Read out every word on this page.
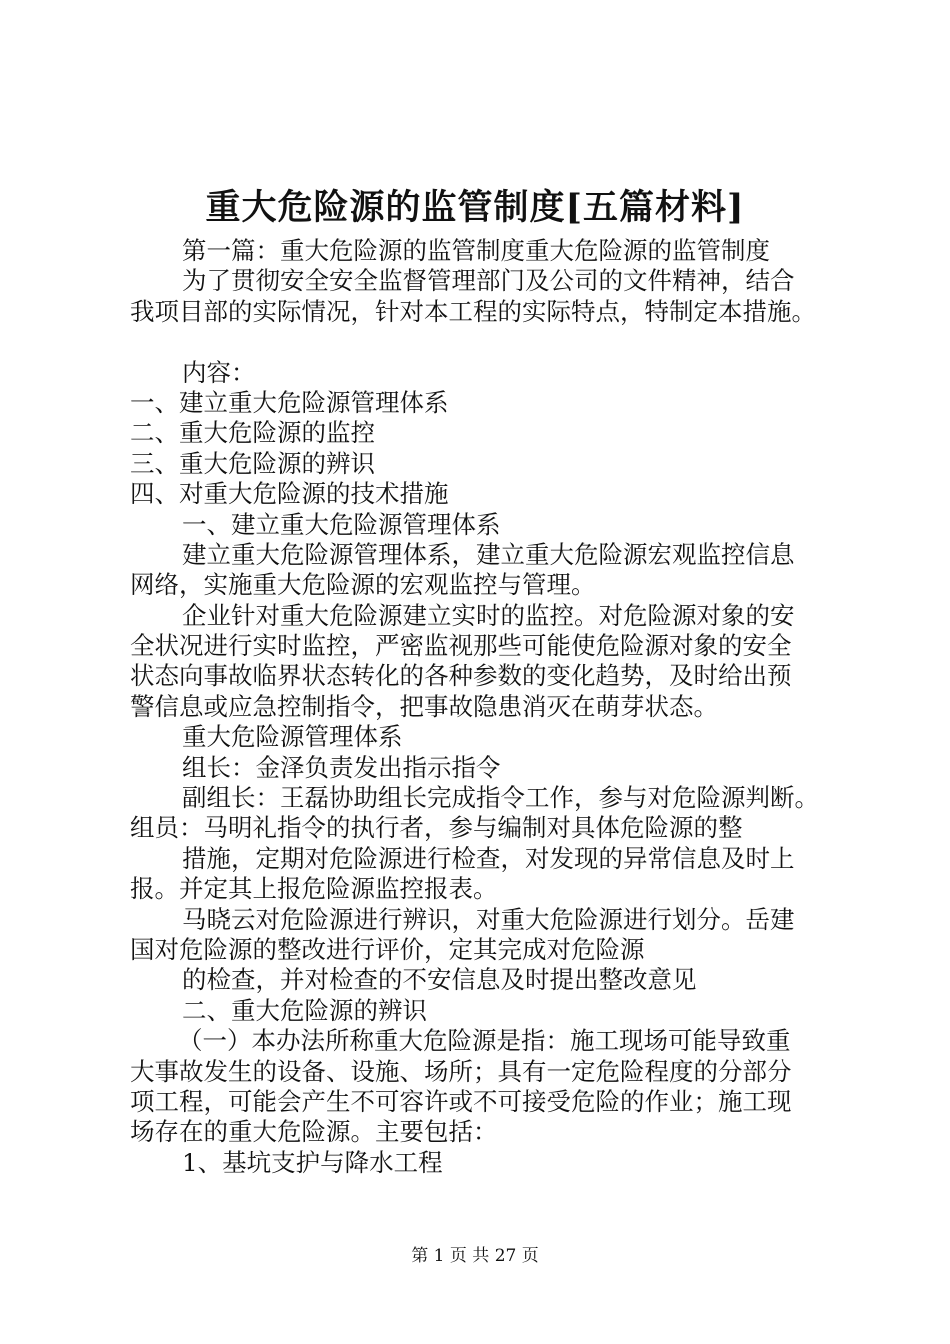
重大危险源的监管制度[五篇材料]
第一篇：重大危险源的监管制度重大危险源的监管制度
为了贯彻安全安全监督管理部门及公司的文件精神，结合
我项目部的实际情况，针对本工程的实际特点，特制定本措施。
内容：
一、建立重大危险源管理体系
二、重大危险源的监控
三、重大危险源的辨识
四、对重大危险源的技术措施
一、建立重大危险源管理体系
建立重大危险源管理体系，建立重大危险源宏观监控信息
网络，实施重大危险源的宏观监控与管理。
企业针对重大危险源建立实时的监控。对危险源对象的安
全状况进行实时监控，严密监视那些可能使危险源对象的安全
状态向事故临界状态转化的各种参数的变化趋势，及时给出预
警信息或应急控制指令，把事故隐患消灭在萌芽状态。
重大危险源管理体系
组长：金泽负责发出指示指令
副组长：王磊协助组长完成指令工作，参与对危险源判断。
组员：马明礼指令的执行者，参与编制对具体危险源的整
措施，定期对危险源进行检查，对发现的异常信息及时上
报。并定其上报危险源监控报表。
马晓云对危险源进行辨识，对重大危险源进行划分。岳建
国对危险源的整改进行评价，定其完成对危险源
的检查，并对检查的不安信息及时提出整改意见
二、重大危险源的辨识
（一）本办法所称重大危险源是指：施工现场可能导致重
大事故发生的设备、设施、场所；具有一定危险程度的分部分
项工程，可能会产生不可容许或不可接受危险的作业；施工现
场存在的重大危险源。主要包括：
1、基坑支护与降水工程
第 1 页 共 27 页
